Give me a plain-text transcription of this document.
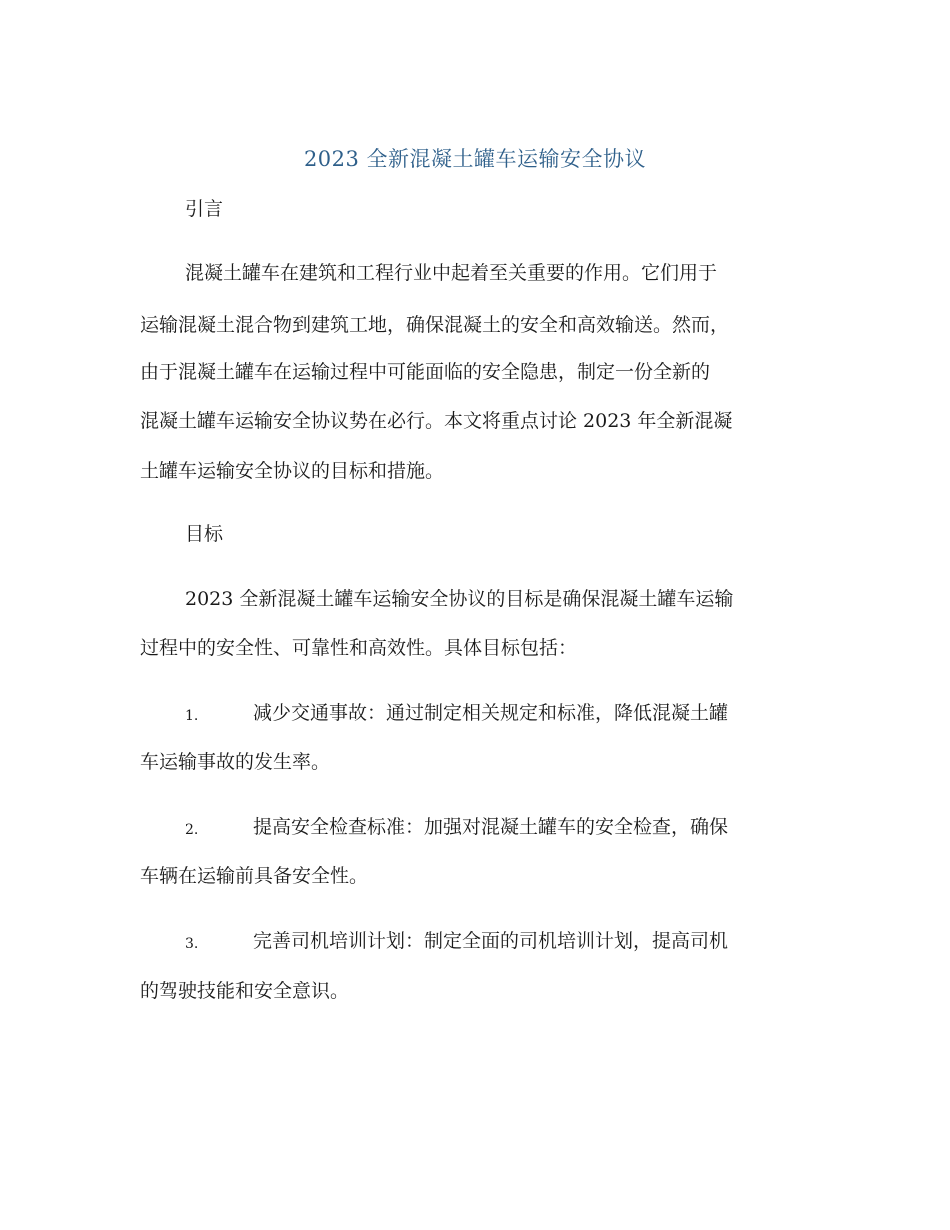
2023 全新混凝土罐车运输安全协议

引言

混凝土罐车在建筑和工程行业中起着至关重要的作用。它们用于

运输混凝土混合物到建筑工地，确保混凝土的安全和高效输送。然而，

由于混凝土罐车在运输过程中可能面临的安全隐患，制定一份全新的

混凝土罐车运输安全协议势在必行。本文将重点讨论 2023 年全新混凝

土罐车运输安全协议的目标和措施。

目标

2023 全新混凝土罐车运输安全协议的目标是确保混凝土罐车运输

过程中的安全性、可靠性和高效性。具体目标包括：

1.	减少交通事故：通过制定相关规定和标准，降低混凝土罐

车运输事故的发生率。

2.	提高安全检查标准：加强对混凝土罐车的安全检查，确保

车辆在运输前具备安全性。

3.	完善司机培训计划：制定全面的司机培训计划，提高司机

的驾驶技能和安全意识。
